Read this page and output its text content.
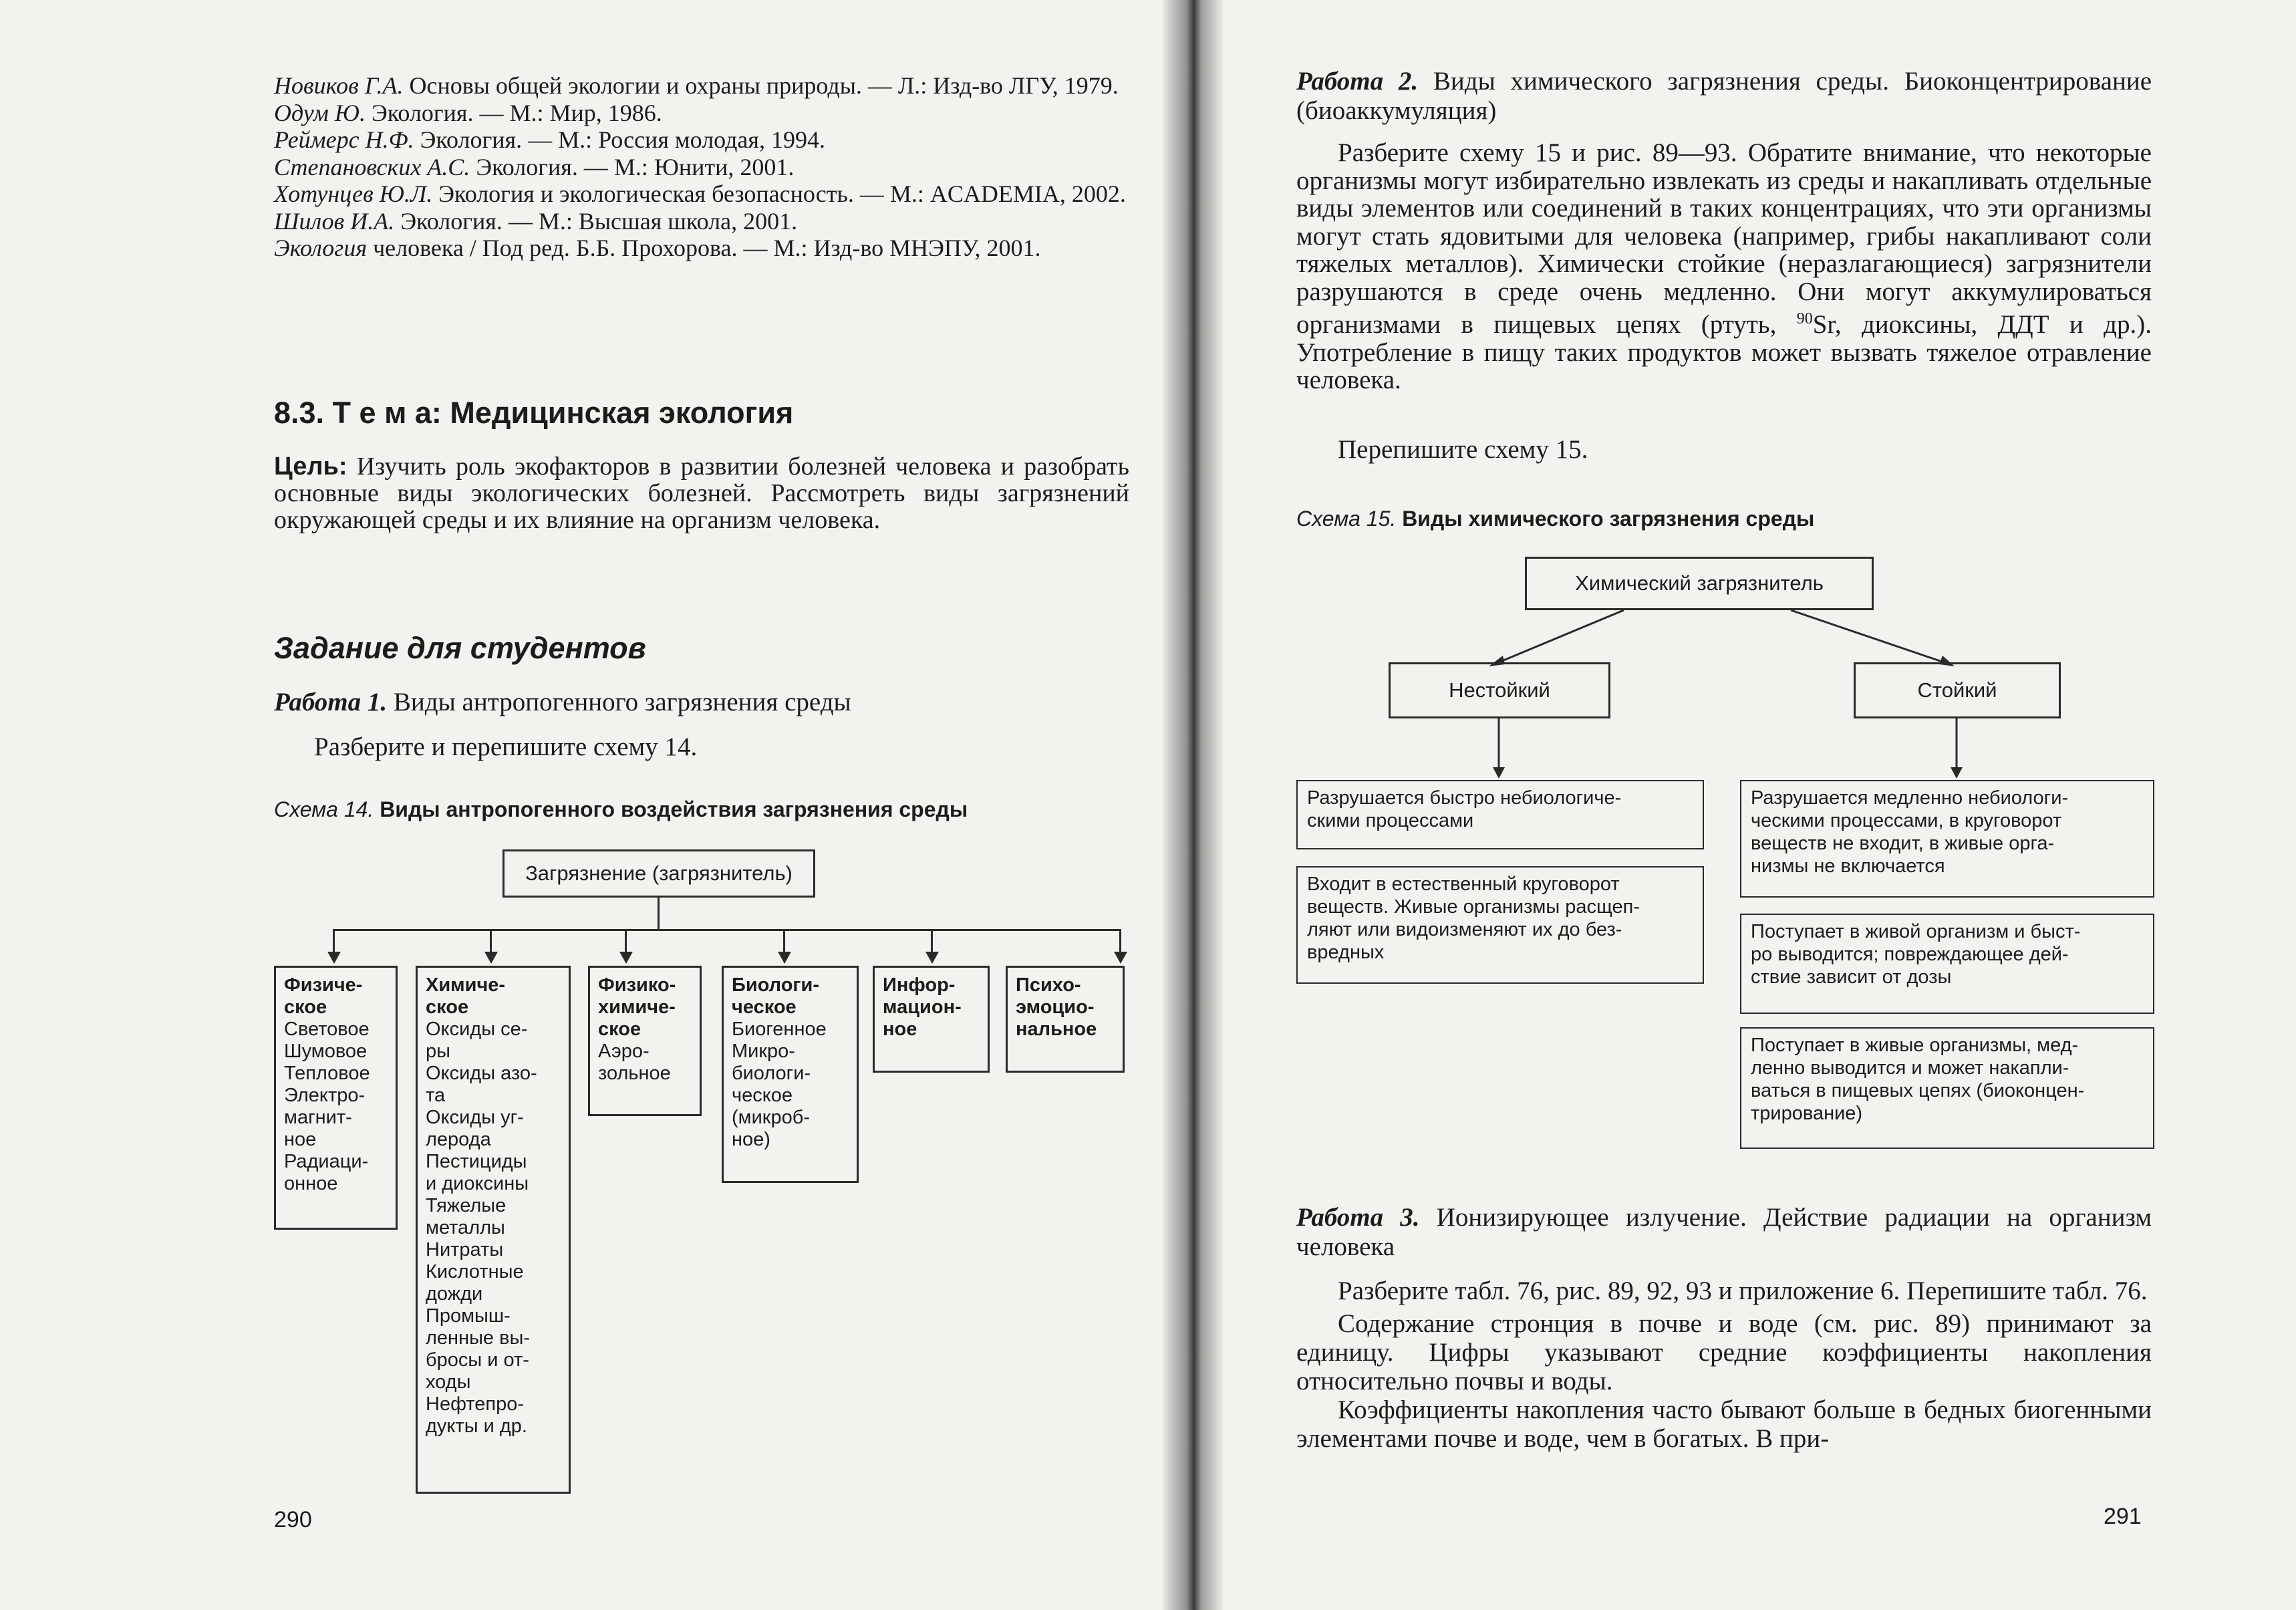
Новиков Г.А. Основы общей экологии и охраны природы. — Л.: Изд-во ЛГУ, 1979.
Одум Ю. Экология. — М.: Мир, 1986.
Реймерс Н.Ф. Экология. — М.: Россия молодая, 1994.
Степановских А.С. Экология. — М.: Юнити, 2001.
Хотунцев Ю.Л. Экология и экологическая безопасность. — М.: ACADEMIA, 2002.
Шилов И.А. Экология. — М.: Высшая школа, 2001.
Экология человека / Под ред. Б.Б. Прохорова. — М.: Изд-во МНЭПУ, 2001.
8.3. Т е м а: Медицинская экология
Цель: Изучить роль экофакторов в развитии болезней человека и разобрать основные виды экологических болезней. Рассмотреть виды загрязнений окружающей среды и их влияние на организм человека.
Задание для студентов
Работа 1. Виды антропогенного загрязнения среды
Разберите и перепишите схему 14.
Схема 14. Виды антропогенного воздействия загрязнения среды
Загрязнение (загрязнитель)
Физиче-
ское
Световое
Шумовое
Тепловое
Электро-
магнит-
ное
Радиаци-
онное
Химиче-
ское
Оксиды се-
ры
Оксиды азо-
та
Оксиды уг-
лерода
Пестициды
и диоксины
Тяжелые
металлы
Нитраты
Кислотные
дожди
Промыш-
ленные вы-
бросы и от-
ходы
Нефтепро-
дукты и др.
Физико-
химиче-
ское
Аэро-
зольное
Биологи-
ческое
Биогенное
Микро-
биологи-
ческое
(микроб-
ное)
Инфор-
мацион-
ное
Психо-
эмоцио-
нальное
290
Работа 2. Виды химического загрязнения среды. Биоконцентрирование (биоаккумуляция)
Разберите схему 15 и рис. 89—93. Обратите внимание, что некоторые организмы могут избирательно извлекать из среды и накапливать отдельные виды элементов или соединений в таких концентрациях, что эти организмы могут стать ядовитыми для человека (например, грибы накапливают соли тяжелых металлов). Химически стойкие (неразлагающиеся) загрязнители разрушаются в среде очень медленно. Они могут аккумулироваться организмами в пищевых цепях (ртуть, $^{90}$Sr, диоксины, ДДТ и др.). Употребление в пищу таких продуктов может вызвать тяжелое отравление человека.
Перепишите схему 15.
Схема 15. Виды химического загрязнения среды
Химический загрязнитель
Нестойкий	Стойкий
Разрушается быстро небиологиче-
скими процессами
Входит в естественный круговорот
веществ. Живые организмы расщеп-
ляют или видоизменяют их до без-
вредных
Разрушается медленно небиологи-
ческими процессами, в круговорот
веществ не входит, в живые орга-
низмы не включается
Поступает в живой организм и быст-
ро выводится; повреждающее дей-
ствие зависит от дозы
Поступает в живые организмы, мед-
ленно выводится и может накапли-
ваться в пищевых цепях (биоконцен-
трирование)
Работа 3. Ионизирующее излучение. Действие радиации на организм человека

Разберите табл. 76, рис. 89, 92, 93 и приложение 6. Перепишите табл. 76.

Содержание стронция в почве и воде (см. рис. 89) принимают за единицу. Цифры указывают средние коэффициенты накопления относительно почвы и воды.

Коэффициенты накопления часто бывают больше в бедных биогенными элементами почве и воде, чем в богатых. В при-

291
